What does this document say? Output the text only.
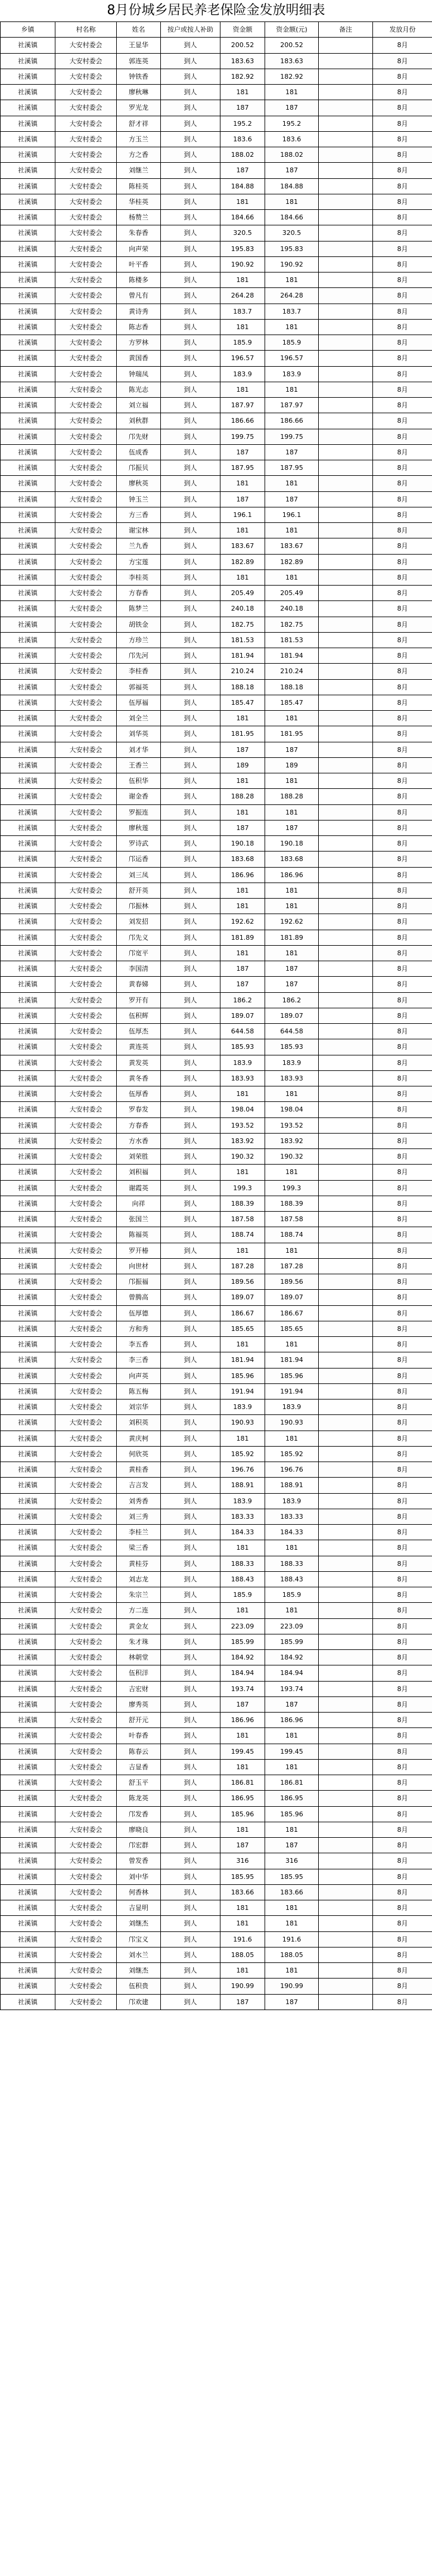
8月份城乡居民养老保险金发放明细表
乡镇	村名称	姓名	按户或按人补助	资金额	资金额(元)	备注	发放月份
社溪镇	大安村委会	王显华	到人	200.52	200.52		8月
社溪镇	大安村委会	郭连英	到人	183.63	183.63		8月
社溪镇	大安村委会	钟铁香	到人	182.92	182.92		8月
社溪镇	大安村委会	廖秋琳	到人	181	181		8月
社溪镇	大安村委会	罗光龙	到人	187	187		8月
社溪镇	大安村委会	舒才祥	到人	195.2	195.2		8月
社溪镇	大安村委会	方玉兰	到人	183.6	183.6		8月
社溪镇	大安村委会	方之香	到人	188.02	188.02		8月
社溪镇	大安村委会	刘继兰	到人	187	187		8月
社溪镇	大安村委会	陈桂英	到人	184.88	184.88		8月
社溪镇	大安村委会	华桂英	到人	181	181		8月
社溪镇	大安村委会	杨赞兰	到人	184.66	184.66		8月
社溪镇	大安村委会	朱春香	到人	320.5	320.5		8月
社溪镇	大安村委会	向声荣	到人	195.83	195.83		8月
社溪镇	大安村委会	叶平香	到人	190.92	190.92		8月
社溪镇	大安村委会	陈楼多	到人	181	181		8月
社溪镇	大安村委会	曾凡有	到人	264.28	264.28		8月
社溪镇	大安村委会	黄诗秀	到人	183.7	183.7		8月
社溪镇	大安村委会	陈志香	到人	181	181		8月
社溪镇	大安村委会	方罗林	到人	185.9	185.9		8月
社溪镇	大安村委会	黄国香	到人	196.57	196.57		8月
社溪镇	大安村委会	钟瑞凤	到人	183.9	183.9		8月
社溪镇	大安村委会	陈光志	到人	181	181		8月
社溪镇	大安村委会	刘立福	到人	187.97	187.97		8月
社溪镇	大安村委会	刘秋群	到人	186.66	186.66		8月
社溪镇	大安村委会	邝先财	到人	199.75	199.75		8月
社溪镇	大安村委会	伍成香	到人	187	187		8月
社溪镇	大安村委会	邝振贝	到人	187.95	187.95		8月
社溪镇	大安村委会	廖秋英	到人	181	181		8月
社溪镇	大安村委会	钟玉兰	到人	187	187		8月
社溪镇	大安村委会	方三香	到人	196.1	196.1		8月
社溪镇	大安村委会	谢宝林	到人	181	181		8月
社溪镇	大安村委会	兰九香	到人	183.67	183.67		8月
社溪镇	大安村委会	方宝莲	到人	182.89	182.89		8月
社溪镇	大安村委会	李桂英	到人	181	181		8月
社溪镇	大安村委会	方春香	到人	205.49	205.49		8月
社溪镇	大安村委会	陈梦兰	到人	240.18	240.18		8月
社溪镇	大安村委会	胡铁金	到人	182.75	182.75		8月
社溪镇	大安村委会	方珍兰	到人	181.53	181.53		8月
社溪镇	大安村委会	邝先河	到人	181.94	181.94		8月
社溪镇	大安村委会	李桂香	到人	210.24	210.24		8月
社溪镇	大安村委会	郭福英	到人	188.18	188.18		8月
社溪镇	大安村委会	伍厚福	到人	185.47	185.47		8月
社溪镇	大安村委会	刘全兰	到人	181	181		8月
社溪镇	大安村委会	刘华英	到人	181.95	181.95		8月
社溪镇	大安村委会	刘才华	到人	187	187		8月
社溪镇	大安村委会	王香兰	到人	189	189		8月
社溪镇	大安村委会	伍积华	到人	181	181		8月
社溪镇	大安村委会	谢金香	到人	188.28	188.28		8月
社溪镇	大安村委会	罗振连	到人	181	181		8月
社溪镇	大安村委会	廖秋莲	到人	187	187		8月
社溪镇	大安村委会	罗诗武	到人	190.18	190.18		8月
社溪镇	大安村委会	邝运香	到人	183.68	183.68		8月
社溪镇	大安村委会	刘三凤	到人	186.96	186.96		8月
社溪镇	大安村委会	舒开英	到人	181	181		8月
社溪镇	大安村委会	邝振林	到人	181	181		8月
社溪镇	大安村委会	刘发招	到人	192.62	192.62		8月
社溪镇	大安村委会	邝先义	到人	181.89	181.89		8月
社溪镇	大安村委会	邝宽平	到人	181	181		8月
社溪镇	大安村委会	李国清	到人	187	187		8月
社溪镇	大安村委会	黄春娣	到人	187	187		8月
社溪镇	大安村委会	罗开有	到人	186.2	186.2		8月
社溪镇	大安村委会	伍积辉	到人	189.07	189.07		8月
社溪镇	大安村委会	伍厚杰	到人	644.58	644.58		8月
社溪镇	大安村委会	黄连英	到人	185.93	185.93		8月
社溪镇	大安村委会	黄发英	到人	183.9	183.9		8月
社溪镇	大安村委会	黄冬香	到人	183.93	183.93		8月
社溪镇	大安村委会	伍厚香	到人	181	181		8月
社溪镇	大安村委会	罗春发	到人	198.04	198.04		8月
社溪镇	大安村委会	方春香	到人	193.52	193.52		8月
社溪镇	大安村委会	方水香	到人	183.92	183.92		8月
社溪镇	大安村委会	刘荣胜	到人	190.32	190.32		8月
社溪镇	大安村委会	刘积福	到人	181	181		8月
社溪镇	大安村委会	谢霞英	到人	199.3	199.3		8月
社溪镇	大安村委会	向祥	到人	188.39	188.39		8月
社溪镇	大安村委会	张国兰	到人	187.58	187.58		8月
社溪镇	大安村委会	陈福英	到人	188.74	188.74		8月
社溪镇	大安村委会	罗开椿	到人	181	181		8月
社溪镇	大安村委会	向世材	到人	187.28	187.28		8月
社溪镇	大安村委会	邝振福	到人	189.56	189.56		8月
社溪镇	大安村委会	曾腾高	到人	189.07	189.07		8月
社溪镇	大安村委会	伍厚德	到人	186.67	186.67		8月
社溪镇	大安村委会	方和秀	到人	185.65	185.65		8月
社溪镇	大安村委会	李五香	到人	181	181		8月
社溪镇	大安村委会	李三香	到人	181.94	181.94		8月
社溪镇	大安村委会	向声英	到人	185.96	185.96		8月
社溪镇	大安村委会	陈五梅	到人	191.94	191.94		8月
社溪镇	大安村委会	刘宗华	到人	183.9	183.9		8月
社溪镇	大安村委会	刘积英	到人	190.93	190.93		8月
社溪镇	大安村委会	黄庆柯	到人	181	181		8月
社溪镇	大安村委会	何欣英	到人	185.92	185.92		8月
社溪镇	大安村委会	黄桂香	到人	196.76	196.76		8月
社溪镇	大安村委会	吉言发	到人	188.91	188.91		8月
社溪镇	大安村委会	刘秀香	到人	183.9	183.9		8月
社溪镇	大安村委会	刘三秀	到人	183.33	183.33		8月
社溪镇	大安村委会	李桂兰	到人	184.33	184.33		8月
社溪镇	大安村委会	梁三香	到人	181	181		8月
社溪镇	大安村委会	黄桂芬	到人	188.33	188.33		8月
社溪镇	大安村委会	刘志龙	到人	188.43	188.43		8月
社溪镇	大安村委会	朱宗兰	到人	185.9	185.9		8月
社溪镇	大安村委会	方二连	到人	181	181		8月
社溪镇	大安村委会	黄金友	到人	223.09	223.09		8月
社溪镇	大安村委会	朱才珠	到人	185.99	185.99		8月
社溪镇	大安村委会	林朝堂	到人	184.92	184.92		8月
社溪镇	大安村委会	伍积洋	到人	184.94	184.94		8月
社溪镇	大安村委会	吉宏财	到人	193.74	193.74		8月
社溪镇	大安村委会	廖秀英	到人	187	187		8月
社溪镇	大安村委会	舒开元	到人	186.96	186.96		8月
社溪镇	大安村委会	叶春香	到人	181	181		8月
社溪镇	大安村委会	陈春云	到人	199.45	199.45		8月
社溪镇	大安村委会	吉显香	到人	181	181		8月
社溪镇	大安村委会	舒玉平	到人	186.81	186.81		8月
社溪镇	大安村委会	陈龙英	到人	186.95	186.95		8月
社溪镇	大安村委会	邝发香	到人	185.96	185.96		8月
社溪镇	大安村委会	廖晓良	到人	181	181		8月
社溪镇	大安村委会	邝宏群	到人	187	187		8月
社溪镇	大安村委会	曾发香	到人	316	316		8月
社溪镇	大安村委会	刘中华	到人	185.95	185.95		8月
社溪镇	大安村委会	何香林	到人	183.66	183.66		8月
社溪镇	大安村委会	吉显明	到人	181	181		8月
社溪镇	大安村委会	刘继杰	到人	181	181		8月
社溪镇	大安村委会	邝宝义	到人	191.6	191.6		8月
社溪镇	大安村委会	刘水兰	到人	188.05	188.05		8月
社溪镇	大安村委会	刘继杰	到人	181	181		8月
社溪镇	大安村委会	伍积贵	到人	190.99	190.99		8月
社溪镇	大安村委会	邝欢建	到人	187	187		8月
